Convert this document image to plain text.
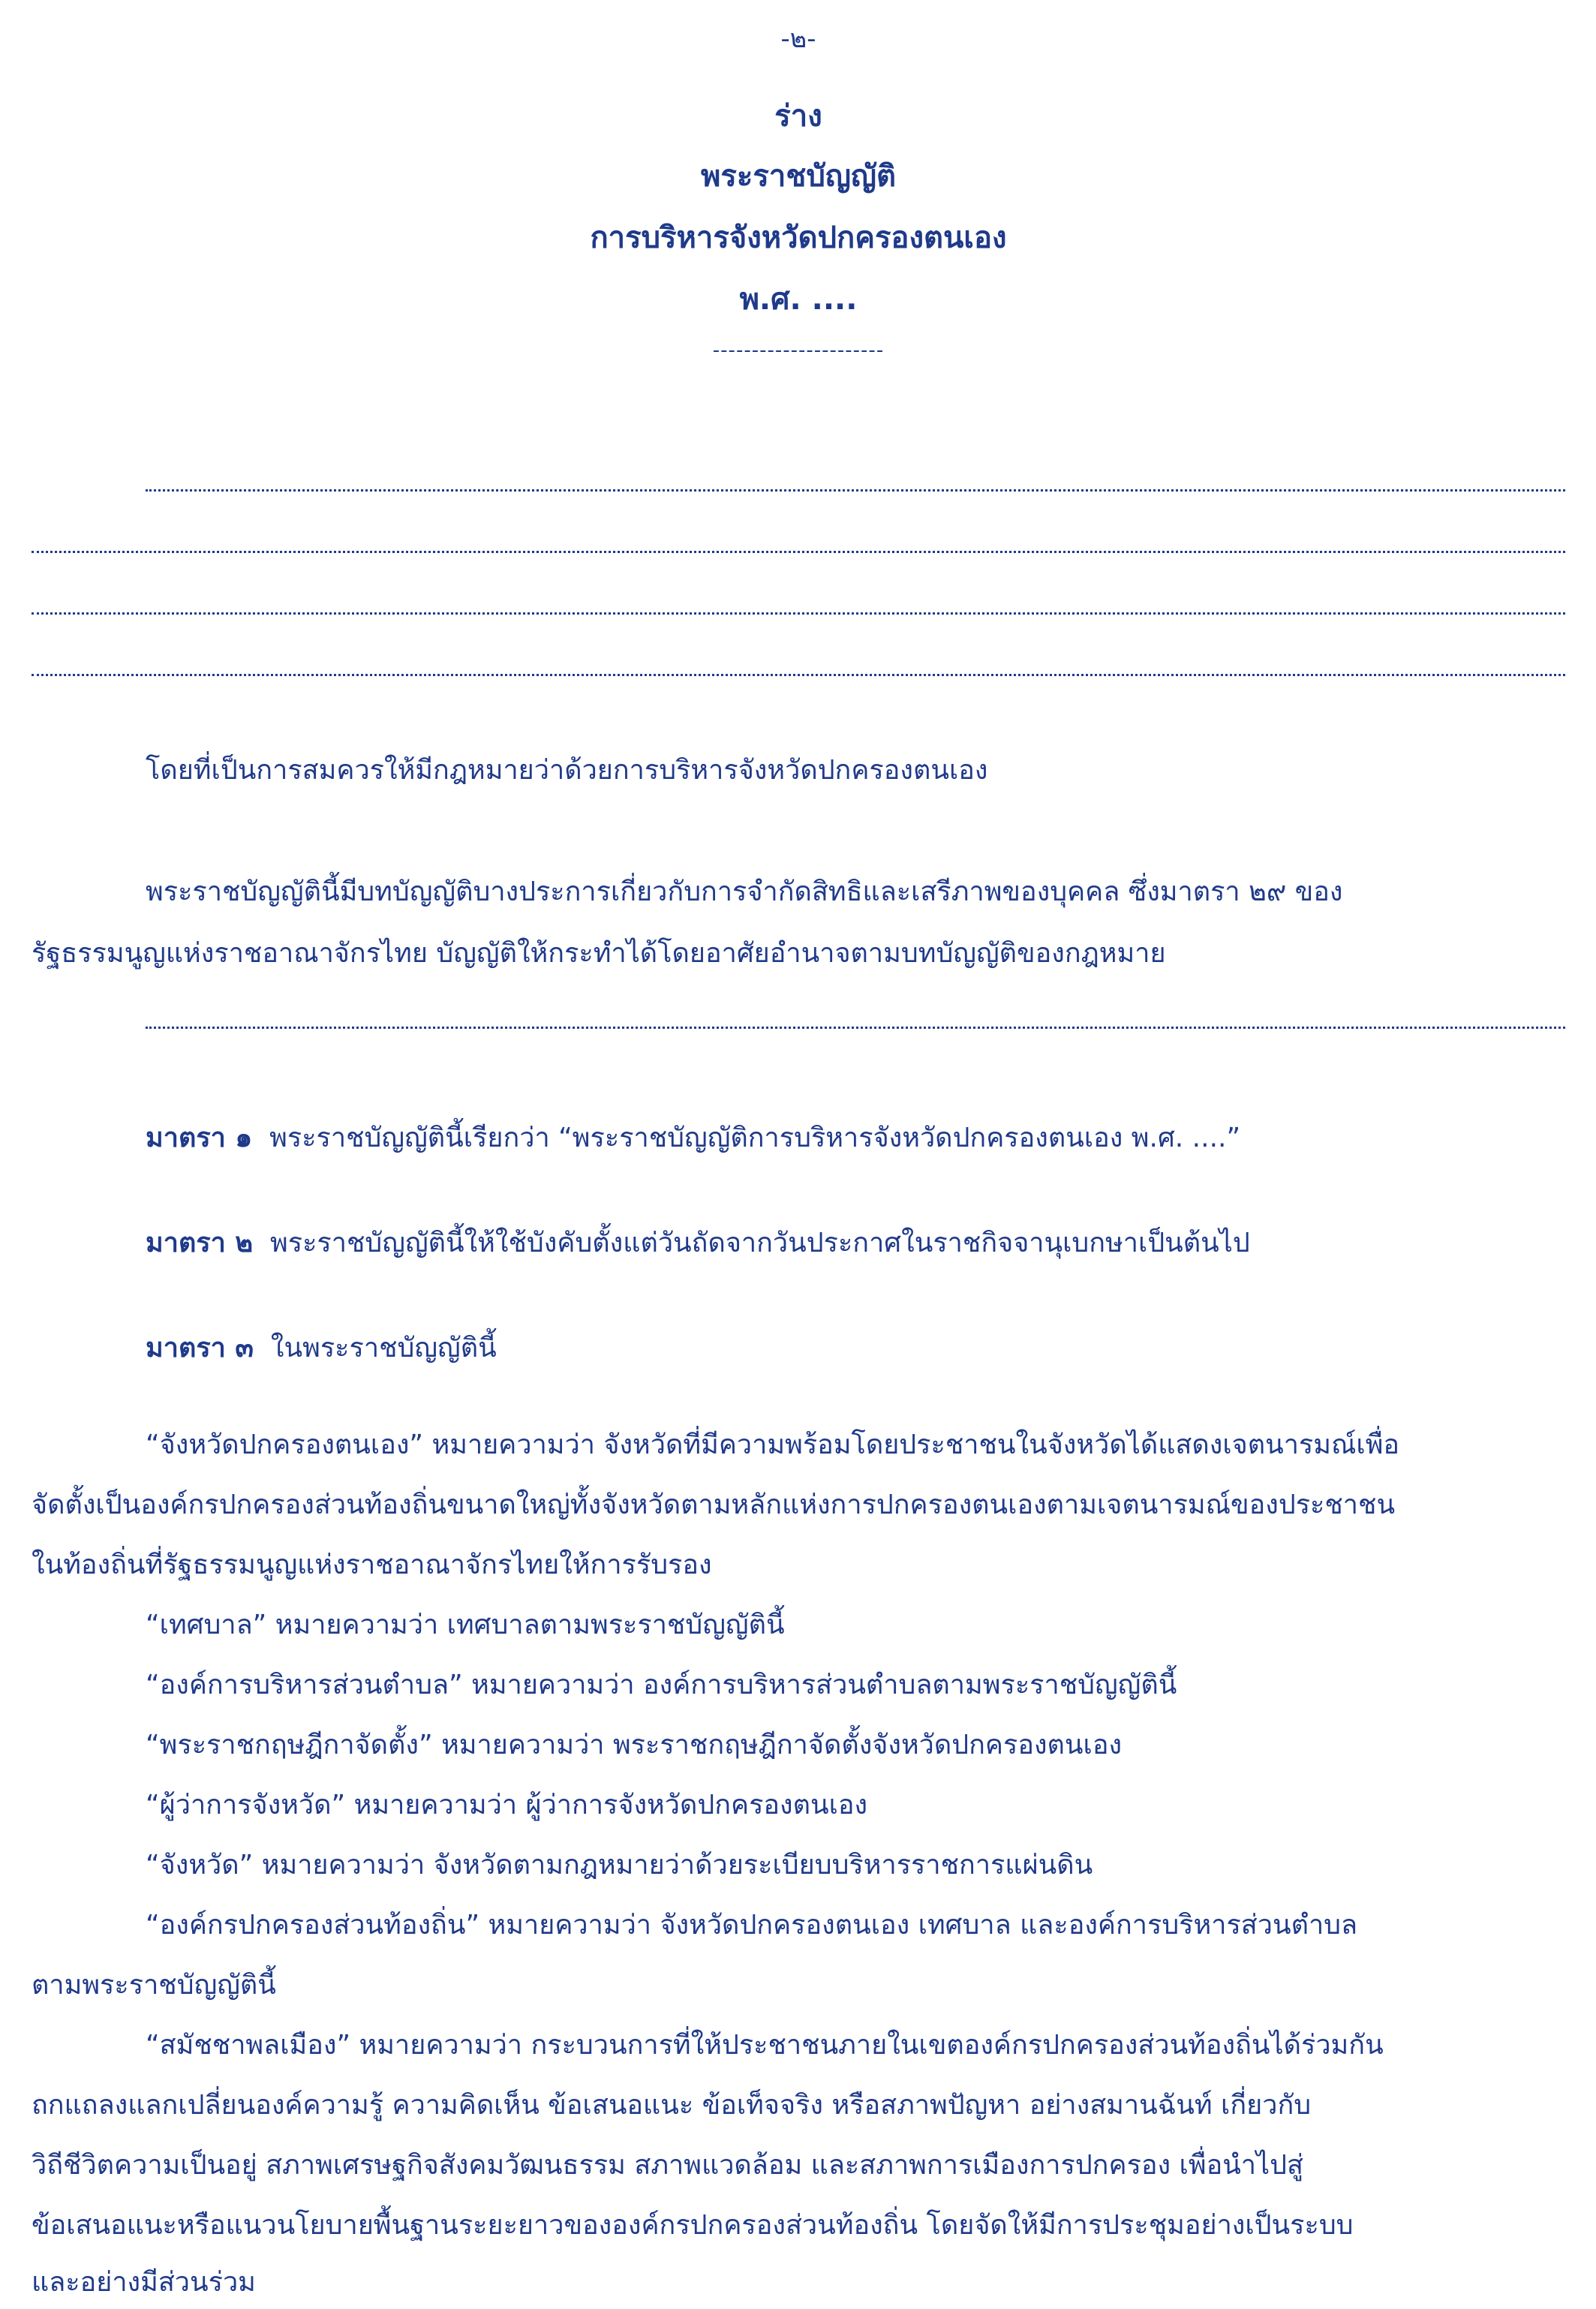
-๒-
ร่าง
พระราชบัญญัติ
การบริหารจังหวัดปกครองตนเอง
พ.ศ. ....
----------------------
โดยที่เป็นการสมควรให้มีกฎหมายว่าด้วยการบริหารจังหวัดปกครองตนเอง
พระราชบัญญัตินี้มีบทบัญญัติบางประการเกี่ยวกับการจำกัดสิทธิและเสรีภาพของบุคคล ซึ่งมาตรา ๒๙ ของ
รัฐธรรมนูญแห่งราชอาณาจักรไทย บัญญัติให้กระทำได้โดยอาศัยอำนาจตามบทบัญญัติของกฎหมาย
มาตรา ๑ พระราชบัญญัตินี้เรียกว่า “พระราชบัญญัติการบริหารจังหวัดปกครองตนเอง พ.ศ. ....”
มาตรา ๒ พระราชบัญญัตินี้ให้ใช้บังคับตั้งแต่วันถัดจากวันประกาศในราชกิจจานุเบกษาเป็นต้นไป
มาตรา ๓ ในพระราชบัญญัตินี้
“จังหวัดปกครองตนเอง” หมายความว่า จังหวัดที่มีความพร้อมโดยประชาชนในจังหวัดได้แสดงเจตนารมณ์เพื่อ
จัดตั้งเป็นองค์กรปกครองส่วนท้องถิ่นขนาดใหญ่ทั้งจังหวัดตามหลักแห่งการปกครองตนเองตามเจตนารมณ์ของประชาชน
ในท้องถิ่นที่รัฐธรรมนูญแห่งราชอาณาจักรไทยให้การรับรอง
“เทศบาล” หมายความว่า เทศบาลตามพระราชบัญญัตินี้
“องค์การบริหารส่วนตำบล” หมายความว่า องค์การบริหารส่วนตำบลตามพระราชบัญญัตินี้
“พระราชกฤษฎีกาจัดตั้ง” หมายความว่า พระราชกฤษฎีกาจัดตั้งจังหวัดปกครองตนเอง
“ผู้ว่าการจังหวัด” หมายความว่า ผู้ว่าการจังหวัดปกครองตนเอง
“จังหวัด” หมายความว่า จังหวัดตามกฎหมายว่าด้วยระเบียบบริหารราชการแผ่นดิน
“องค์กรปกครองส่วนท้องถิ่น” หมายความว่า จังหวัดปกครองตนเอง เทศบาล และองค์การบริหารส่วนตำบล
ตามพระราชบัญญัตินี้
“สมัชชาพลเมือง” หมายความว่า กระบวนการที่ให้ประชาชนภายในเขตองค์กรปกครองส่วนท้องถิ่นได้ร่วมกัน
ถกแถลงแลกเปลี่ยนองค์ความรู้ ความคิดเห็น ข้อเสนอแนะ ข้อเท็จจริง หรือสภาพปัญหา อย่างสมานฉันท์ เกี่ยวกับ
วิถีชีวิตความเป็นอยู่ สภาพเศรษฐกิจสังคมวัฒนธรรม สภาพแวดล้อม และสภาพการเมืองการปกครอง เพื่อนำไปสู่
ข้อเสนอแนะหรือแนวนโยบายพื้นฐานระยะยาวขององค์กรปกครองส่วนท้องถิ่น โดยจัดให้มีการประชุมอย่างเป็นระบบ
และอย่างมีส่วนร่วม
